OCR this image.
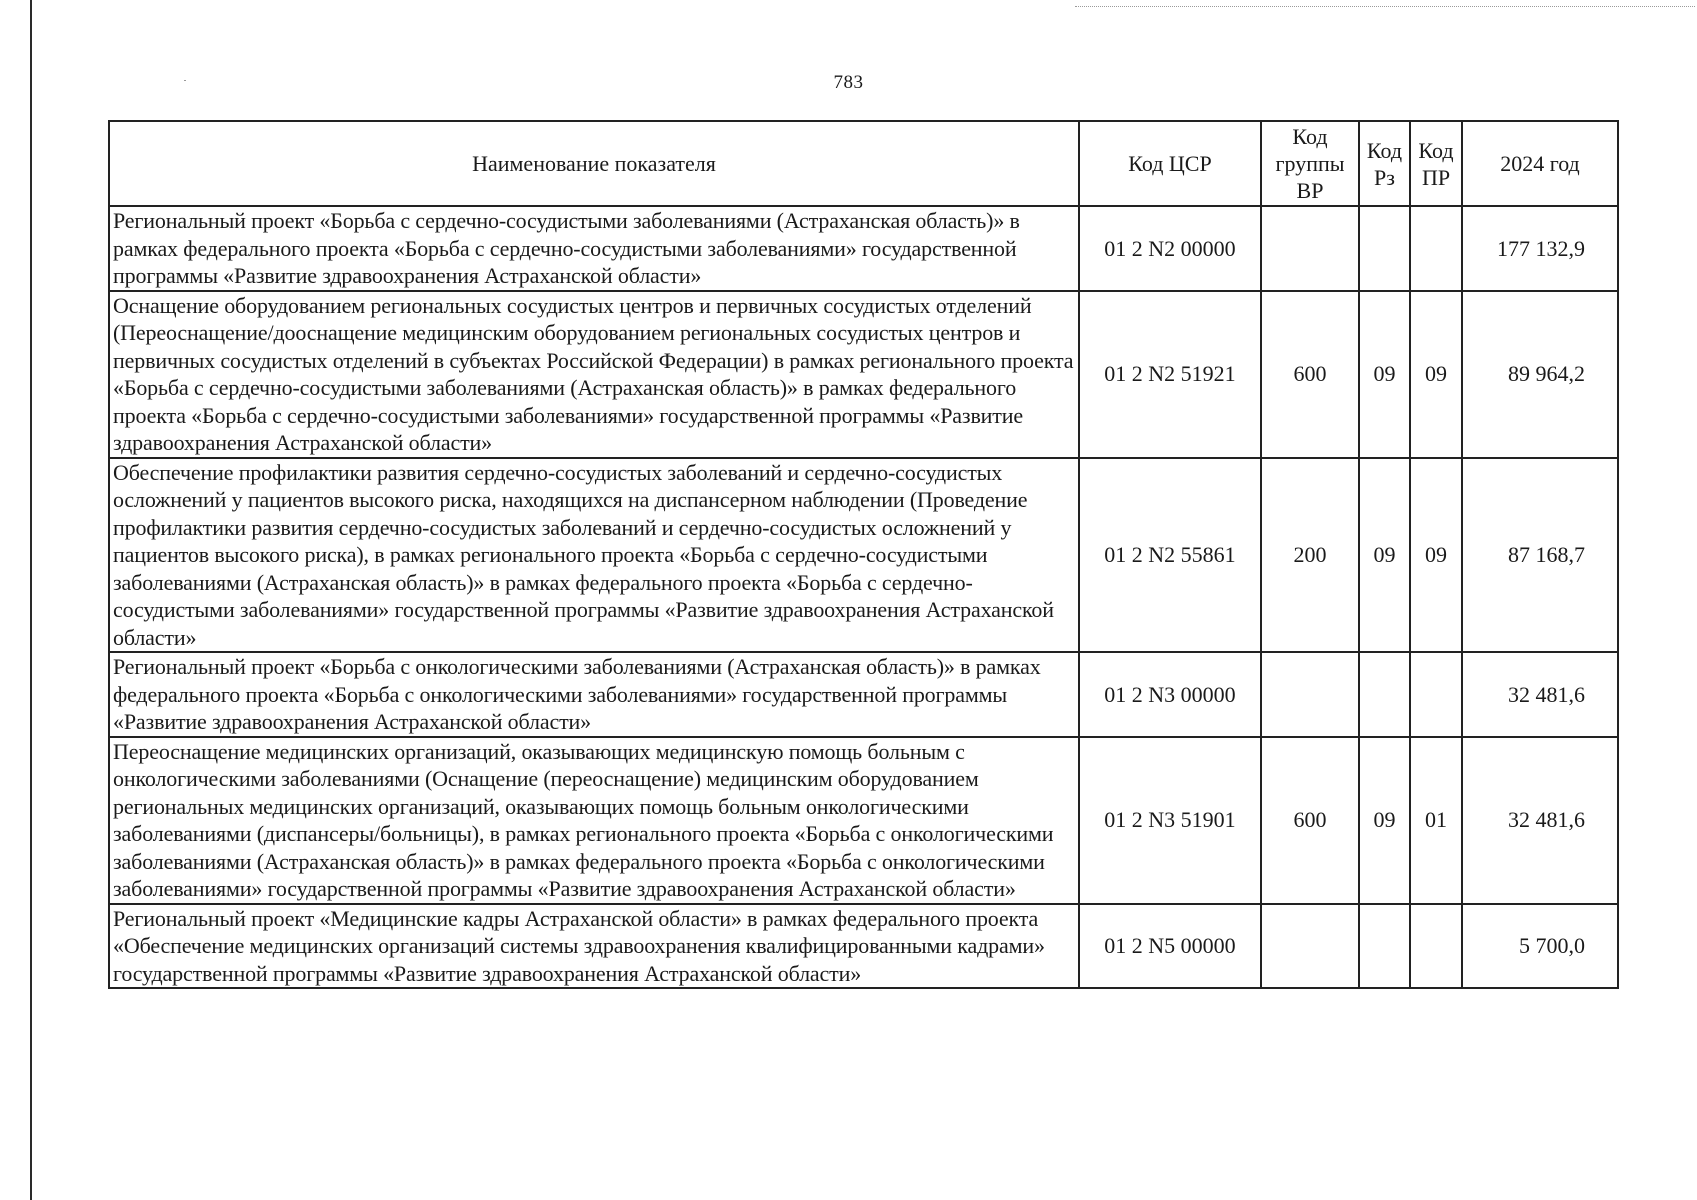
783
Наименование показателя	Код ЦСР	Код группы ВР	Код Рз	Код ПР	2024 год
Региональный проект «Борьба с сердечно-сосудистыми заболеваниями (Астраханская область)» в рамках федерального проекта «Борьба с сердечно-сосудистыми заболеваниями» государственной программы «Развитие здравоохранения Астраханской области»	01 2 N2 00000				177 132,9
Оснащение оборудованием региональных сосудистых центров и первичных сосудистых отделений (Переоснащение/дооснащение медицинским оборудованием региональных сосудистых центров и первичных сосудистых отделений в субъектах Российской Федерации) в рамках регионального проекта «Борьба с сердечно-сосудистыми заболеваниями (Астраханская область)» в рамках федерального проекта «Борьба с сердечно-сосудистыми заболеваниями» государственной программы «Развитие здравоохранения Астраханской области»	01 2 N2 51921	600	09	09	89 964,2
Обеспечение профилактики развития сердечно-сосудистых заболеваний и сердечно-сосудистых осложнений у пациентов высокого риска, находящихся на диспансерном наблюдении (Проведение профилактики развития сердечно-сосудистых заболеваний и сердечно-сосудистых осложнений у пациентов высокого риска), в рамках регионального проекта «Борьба с сердечно-сосудистыми заболеваниями (Астраханская область)» в рамках федерального проекта «Борьба с сердечно-сосудистыми заболеваниями» государственной программы «Развитие здравоохранения Астраханской области»	01 2 N2 55861	200	09	09	87 168,7
Региональный проект «Борьба с онкологическими заболеваниями (Астраханская область)» в рамках федерального проекта «Борьба с онкологическими заболеваниями» государственной программы «Развитие здравоохранения Астраханской области»	01 2 N3 00000				32 481,6
Переоснащение медицинских организаций, оказывающих медицинскую помощь больным с онкологическими заболеваниями (Оснащение (переоснащение) медицинским оборудованием региональных медицинских организаций, оказывающих помощь больным онкологическими заболеваниями (диспансеры/больницы), в рамках регионального проекта «Борьба с онкологическими заболеваниями (Астраханская область)» в рамках федерального проекта «Борьба с онкологическими заболеваниями» государственной программы «Развитие здравоохранения Астраханской области»	01 2 N3 51901	600	09	01	32 481,6
Региональный проект «Медицинские кадры Астраханской области» в рамках федерального проекта «Обеспечение медицинских организаций системы здравоохранения квалифицированными кадрами» государственной программы «Развитие здравоохранения Астраханской области»	01 2 N5 00000				5 700,0
